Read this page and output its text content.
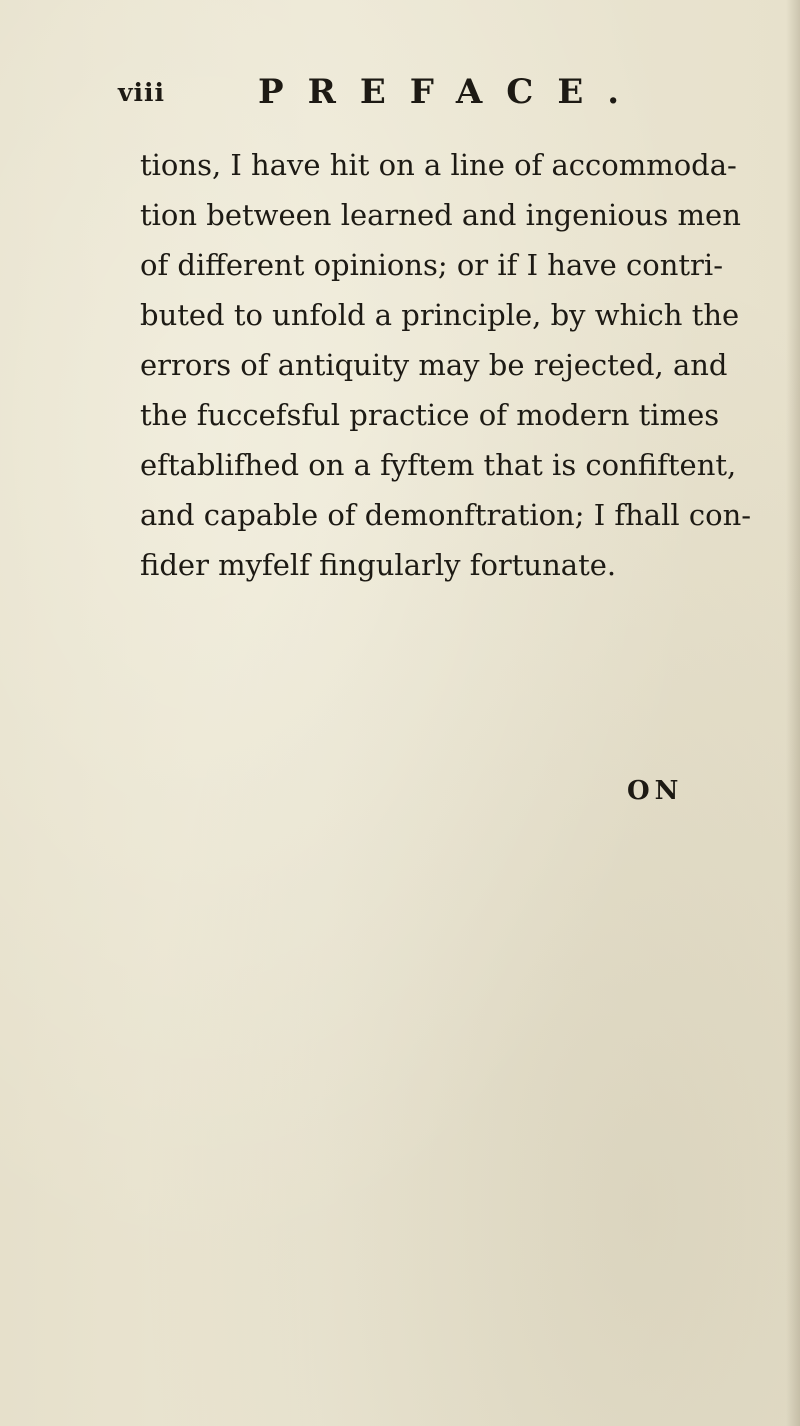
viii	PREFACE.
tions, I have hit on a line of accommoda-
tion between learned and ingenious men
of different opinions; or if I have contri-
buted to unfold a principle, by which the
errors of antiquity may be rejected, and
the fuccefsful practice of modern times
eftablifhed on a fyftem that is confiftent,
and capable of demonftration; I fhall con-
fider myfelf fingularly fortunate.
ON
